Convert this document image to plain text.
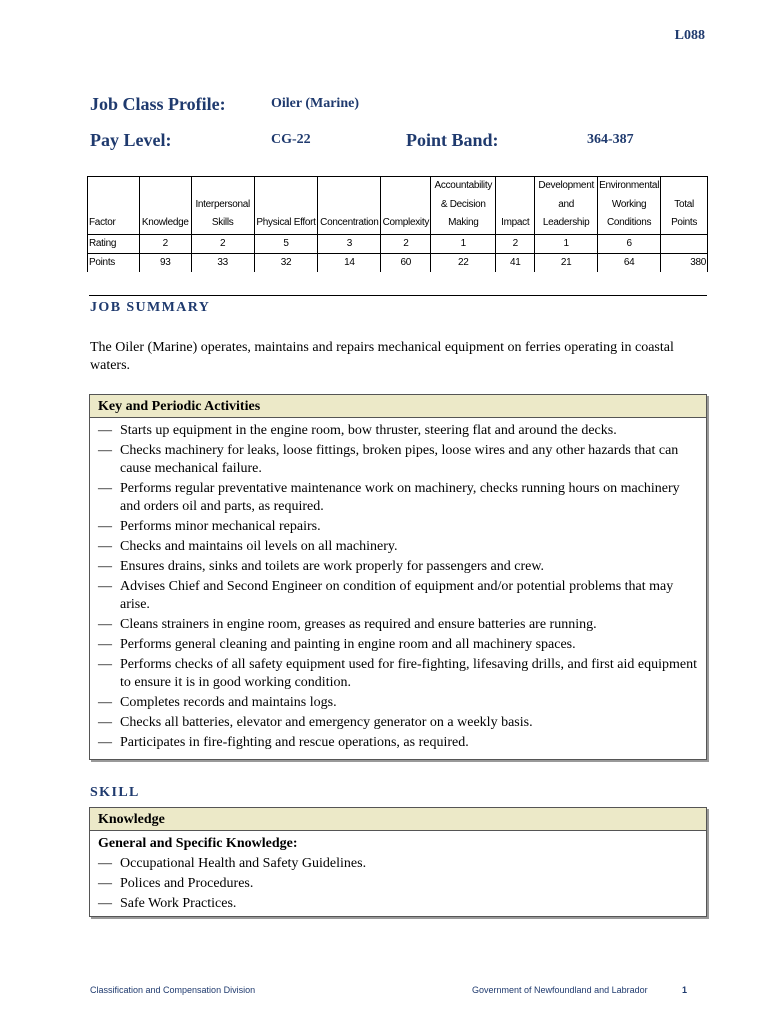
L088
Job Class Profile:	Oiler (Marine)
Pay Level:	CG-22	Point Band:	364-387
Factor	Knowledge	Interpersonal Skills	Physical Effort	Concentration	Complexity	Accountability & Decision Making	Impact	Development and Leadership	Environmental Working Conditions	Total Points
Rating	2	2	5	3	2	1	2	1	6	
Points	93	33	32	14	60	22	41	21	64	380
JOB SUMMARY

The Oiler (Marine) operates, maintains and repairs mechanical equipment on ferries operating in coastal waters.

Key and Periodic Activities
— Starts up equipment in the engine room, bow thruster, steering flat and around the decks.
— Checks machinery for leaks, loose fittings, broken pipes, loose wires and any other hazards that can cause mechanical failure.
— Performs regular preventative maintenance work on machinery, checks running hours on machinery and orders oil and parts, as required.
— Performs minor mechanical repairs.
— Checks and maintains oil levels on all machinery.
— Ensures drains, sinks and toilets are work properly for passengers and crew.
— Advises Chief and Second Engineer on condition of equipment and/or potential problems that may arise.
— Cleans strainers in engine room, greases as required and ensure batteries are running.
— Performs general cleaning and painting in engine room and all machinery spaces.
— Performs checks of all safety equipment used for fire-fighting, lifesaving drills, and first aid equipment to ensure it is in good working condition.
— Completes records and maintains logs.
— Checks all batteries, elevator and emergency generator on a weekly basis.
— Participates in fire-fighting and rescue operations, as required.
SKILL
Knowledge
General and Specific Knowledge:
— Occupational Health and Safety Guidelines.
— Polices and Procedures.
— Safe Work Practices.
Classification and Compensation Division	Government of Newfoundland and Labrador	1
